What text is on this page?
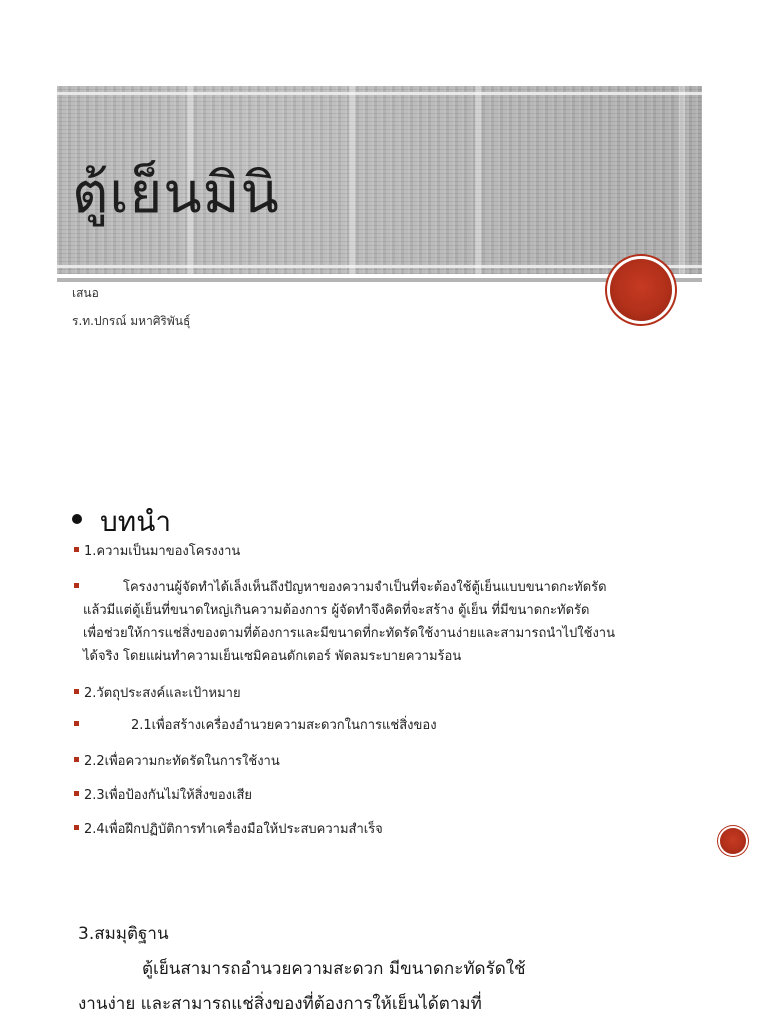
ตู้เย็นมินิ
เสนอ
ร.ท.ปกรณ์ มหาศิริพันธุ์
บทนำ
1.ความเป็นมาของโครงงาน
โครงงานผู้จัดทำได้เล็งเห็นถึงปัญหาของความจำเป็นที่จะต้องใช้ตู้เย็นแบบขนาดกะทัดรัด
แล้วมีแต่ตู้เย็นที่ขนาดใหญ่เกินความต้องการ ผู้จัดทำจึงคิดที่จะสร้าง ตู้เย็น ที่มีขนาดกะทัดรัด
เพื่อช่วยให้การแช่สิ่งของตามที่ต้องการและมีขนาดที่กะทัดรัดใช้งานง่ายและสามารถนำไปใช้งาน
ได้จริง โดยแผ่นทำความเย็นเซมิคอนดักเตอร์ พัดลมระบายความร้อน
2.วัตถุประสงค์และเป้าหมาย
2.1เพื่อสร้างเครื่องอำนวยความสะดวกในการแช่สิ่งของ
2.2เพื่อความกะทัดรัดในการใช้งาน
2.3เพื่อป้องกันไม่ให้สิ่งของเสีย
2.4เพื่อฝึกปฏิบัติการทำเครื่องมือให้ประสบความสำเร็จ
3.สมมุติฐาน
ตู้เย็นสามารถอำนวยความสะดวก มีขนาดกะทัดรัดใช้
งานง่าย และสามารถแช่สิ่งของที่ต้องการให้เย็นได้ตามที่
